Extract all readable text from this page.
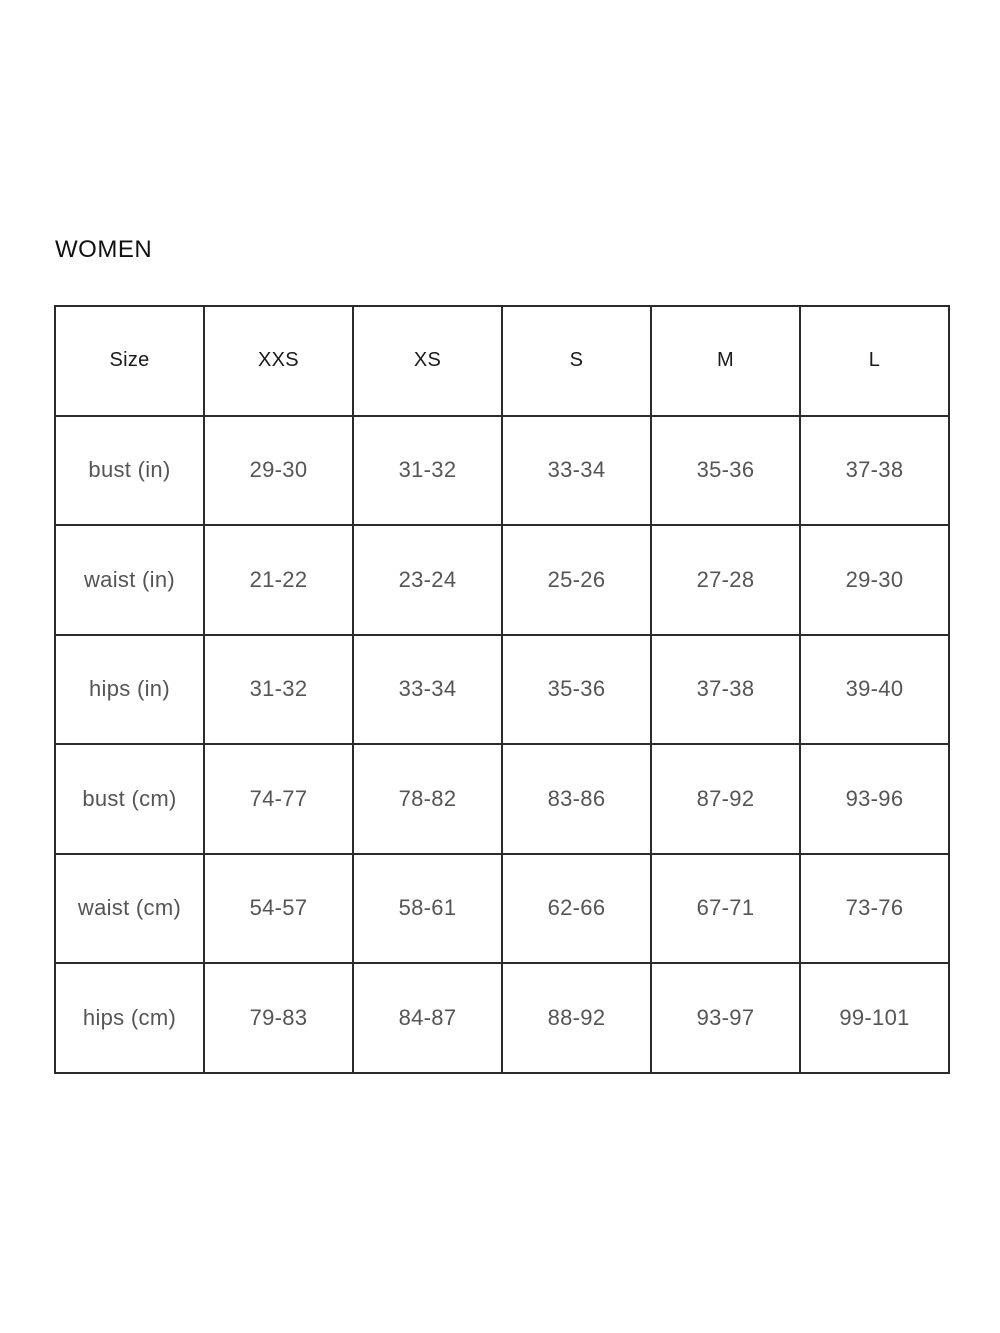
WOMEN
Size	XXS	XS	S	M	L	
bust (in)	29-30	31-32	33-34	35-36	37-38	
waist (in)	21-22	23-24	25-26	27-28	29-30	
hips (in)	31-32	33-34	35-36	37-38	39-40	
bust (cm)	74-77	78-82	83-86	87-92	93-96	
waist (cm)	54-57	58-61	62-66	67-71	73-76	
hips (cm)	79-83	84-87	88-92	93-97	99-101	
